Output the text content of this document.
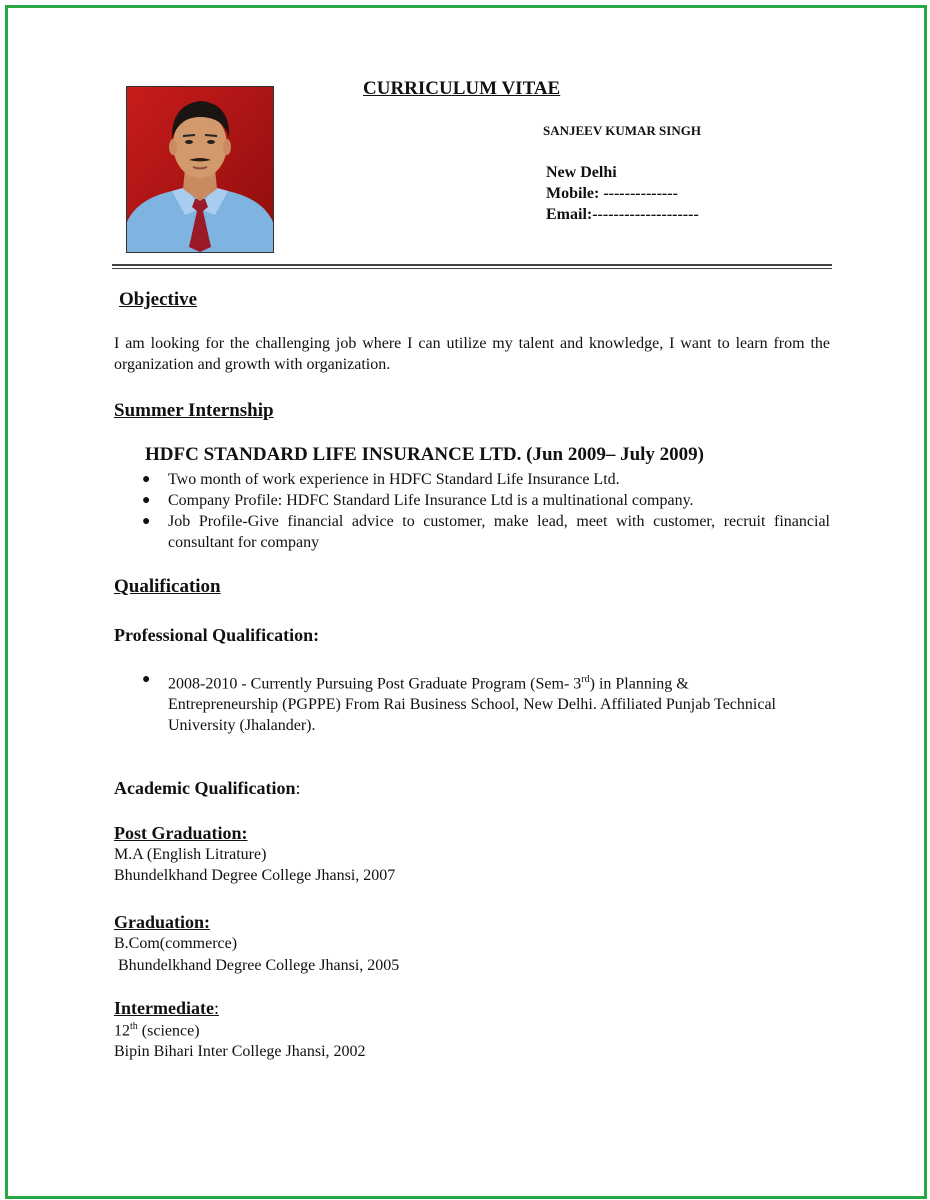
CURRICULUM VITAE
SANJEEV KUMAR SINGH
New Delhi
Mobile: --------------
Email:--------------------
Objective
I am looking for the challenging job where I can utilize my talent and knowledge, I want to learn from the organization and growth with organization.
Summer Internship
HDFC STANDARD LIFE INSURANCE LTD. (Jun 2009– July 2009)
● Two month of work experience in HDFC Standard Life Insurance Ltd.
● Company Profile: HDFC Standard Life Insurance Ltd is a multinational company.
● Job Profile-Give financial advice to customer, make lead, meet with customer, recruit financial consultant for company
Qualification
Professional Qualification:
● 2008-2010 - Currently Pursuing Post Graduate Program (Sem- 3rd) in Planning & Entrepreneurship (PGPPE) From Rai Business School, New Delhi. Affiliated Punjab Technical University (Jhalander).
Academic Qualification:
Post Graduation:
M.A (English Litrature)
Bhundelkhand Degree College Jhansi, 2007
Graduation:
B.Com(commerce)
Bhundelkhand Degree College Jhansi, 2005
Intermediate:
12th (science)
Bipin Bihari Inter College Jhansi, 2002
